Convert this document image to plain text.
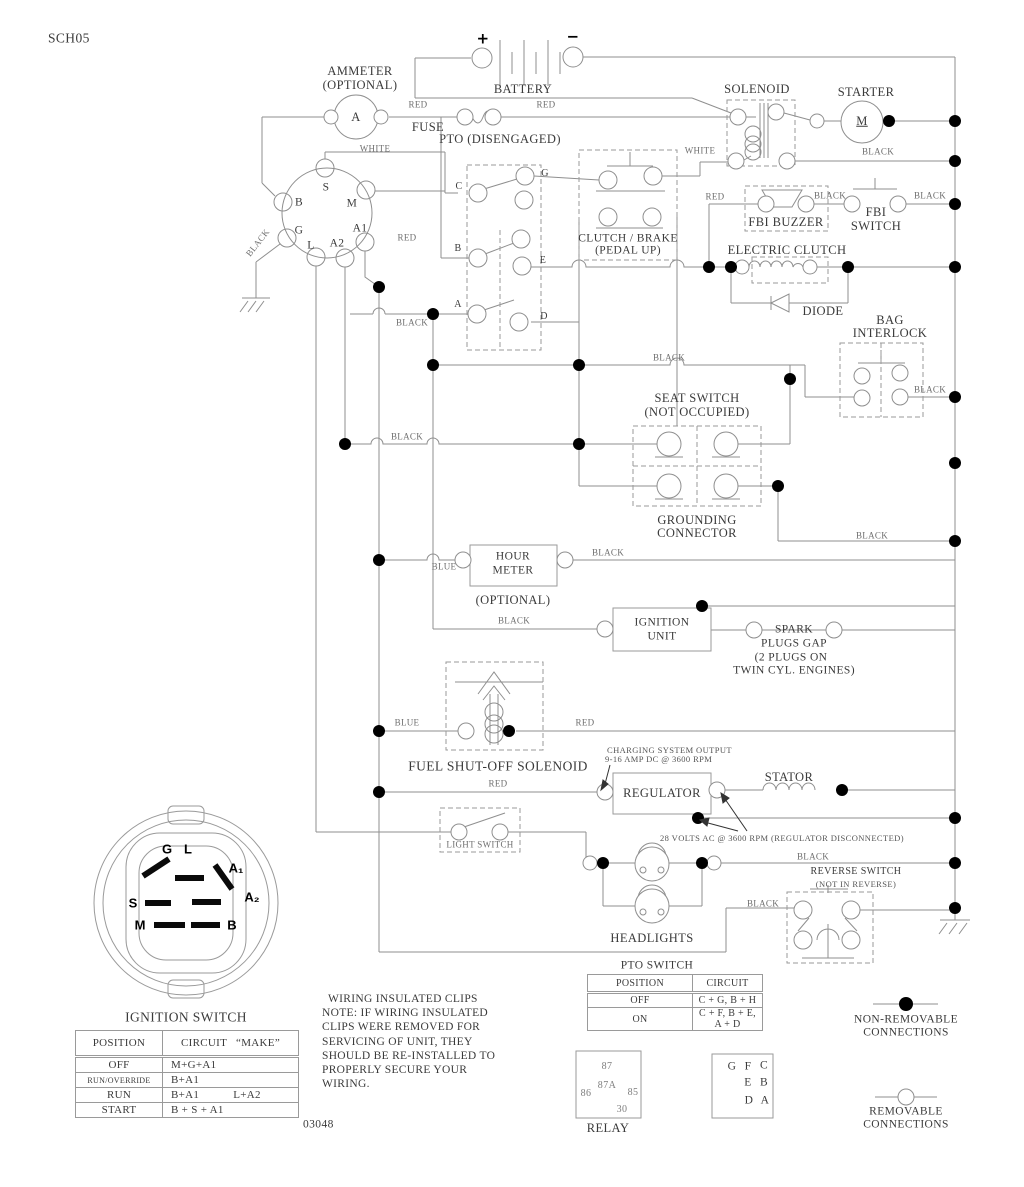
SCH05
AMMETER
(OPTIONAL)
A
+	−
BATTERY
RED
FUSE
RED
PTO (DISENGAGED)
WHITE	WHITE
SOLENOID	STARTER
M
BLACK
RED	BLACK
FBI BUZZER
FBI
SWITCH
BLACK
ELECTRIC CLUTCH
DIODE
BAG
INTERLOCK
BLACK
CLUTCH / BRAKE
(PEDAL UP)
S
M
B
G
L A2
A1
BLACK	RED
C
G
B
E
A
D
BLACK
BLACK
BLACK
SEAT SWITCH
(NOT OCCUPIED)
GROUNDING
CONNECTOR	BLACK
BLUE
HOUR
METER
(OPTIONAL)
BLACK
BLACK	IGNITION
UNIT
SPARK
PLUGS GAP
(2 PLUGS ON
TWIN CYL. ENGINES)
BLUE	RED
FUEL SHUT-OFF SOLENOID
CHARGING SYSTEM OUTPUT
9-16 AMP DC @ 3600 RPM
REGULATOR
STATOR
RED
28 VOLTS AC @ 3600 RPM (REGULATOR DISCONNECTED)
LIGHT SWITCH
HEADLIGHTS
BLACK
REVERSE SWITCH
(NOT IN REVERSE)
BLACK
G L
A₁
A₂
S
M	B
IGNITION SWITCH
POSITION	CIRCUIT “MAKE”

OFF	M+G+A1
RUN/OVERRIDE	B+A1
RUN	B+A1 L+A2
START	B + S + A1
03048
WIRING INSULATED CLIPS
NOTE: IF WIRING INSULATED
CLIPS WERE REMOVED FOR
SERVICING OF UNIT, THEY
SHOULD BE RE-INSTALLED TO
PROPERLY SECURE YOUR
WIRING.
PTO SWITCH
POSITION	CIRCUIT
OFF	C + G, B + H
ON	C + F, B + E, A + D
87
87A
86	85
30
RELAY
G F C
E B
D A
NON-REMOVABLE
CONNECTIONS
REMOVABLE
CONNECTIONS
